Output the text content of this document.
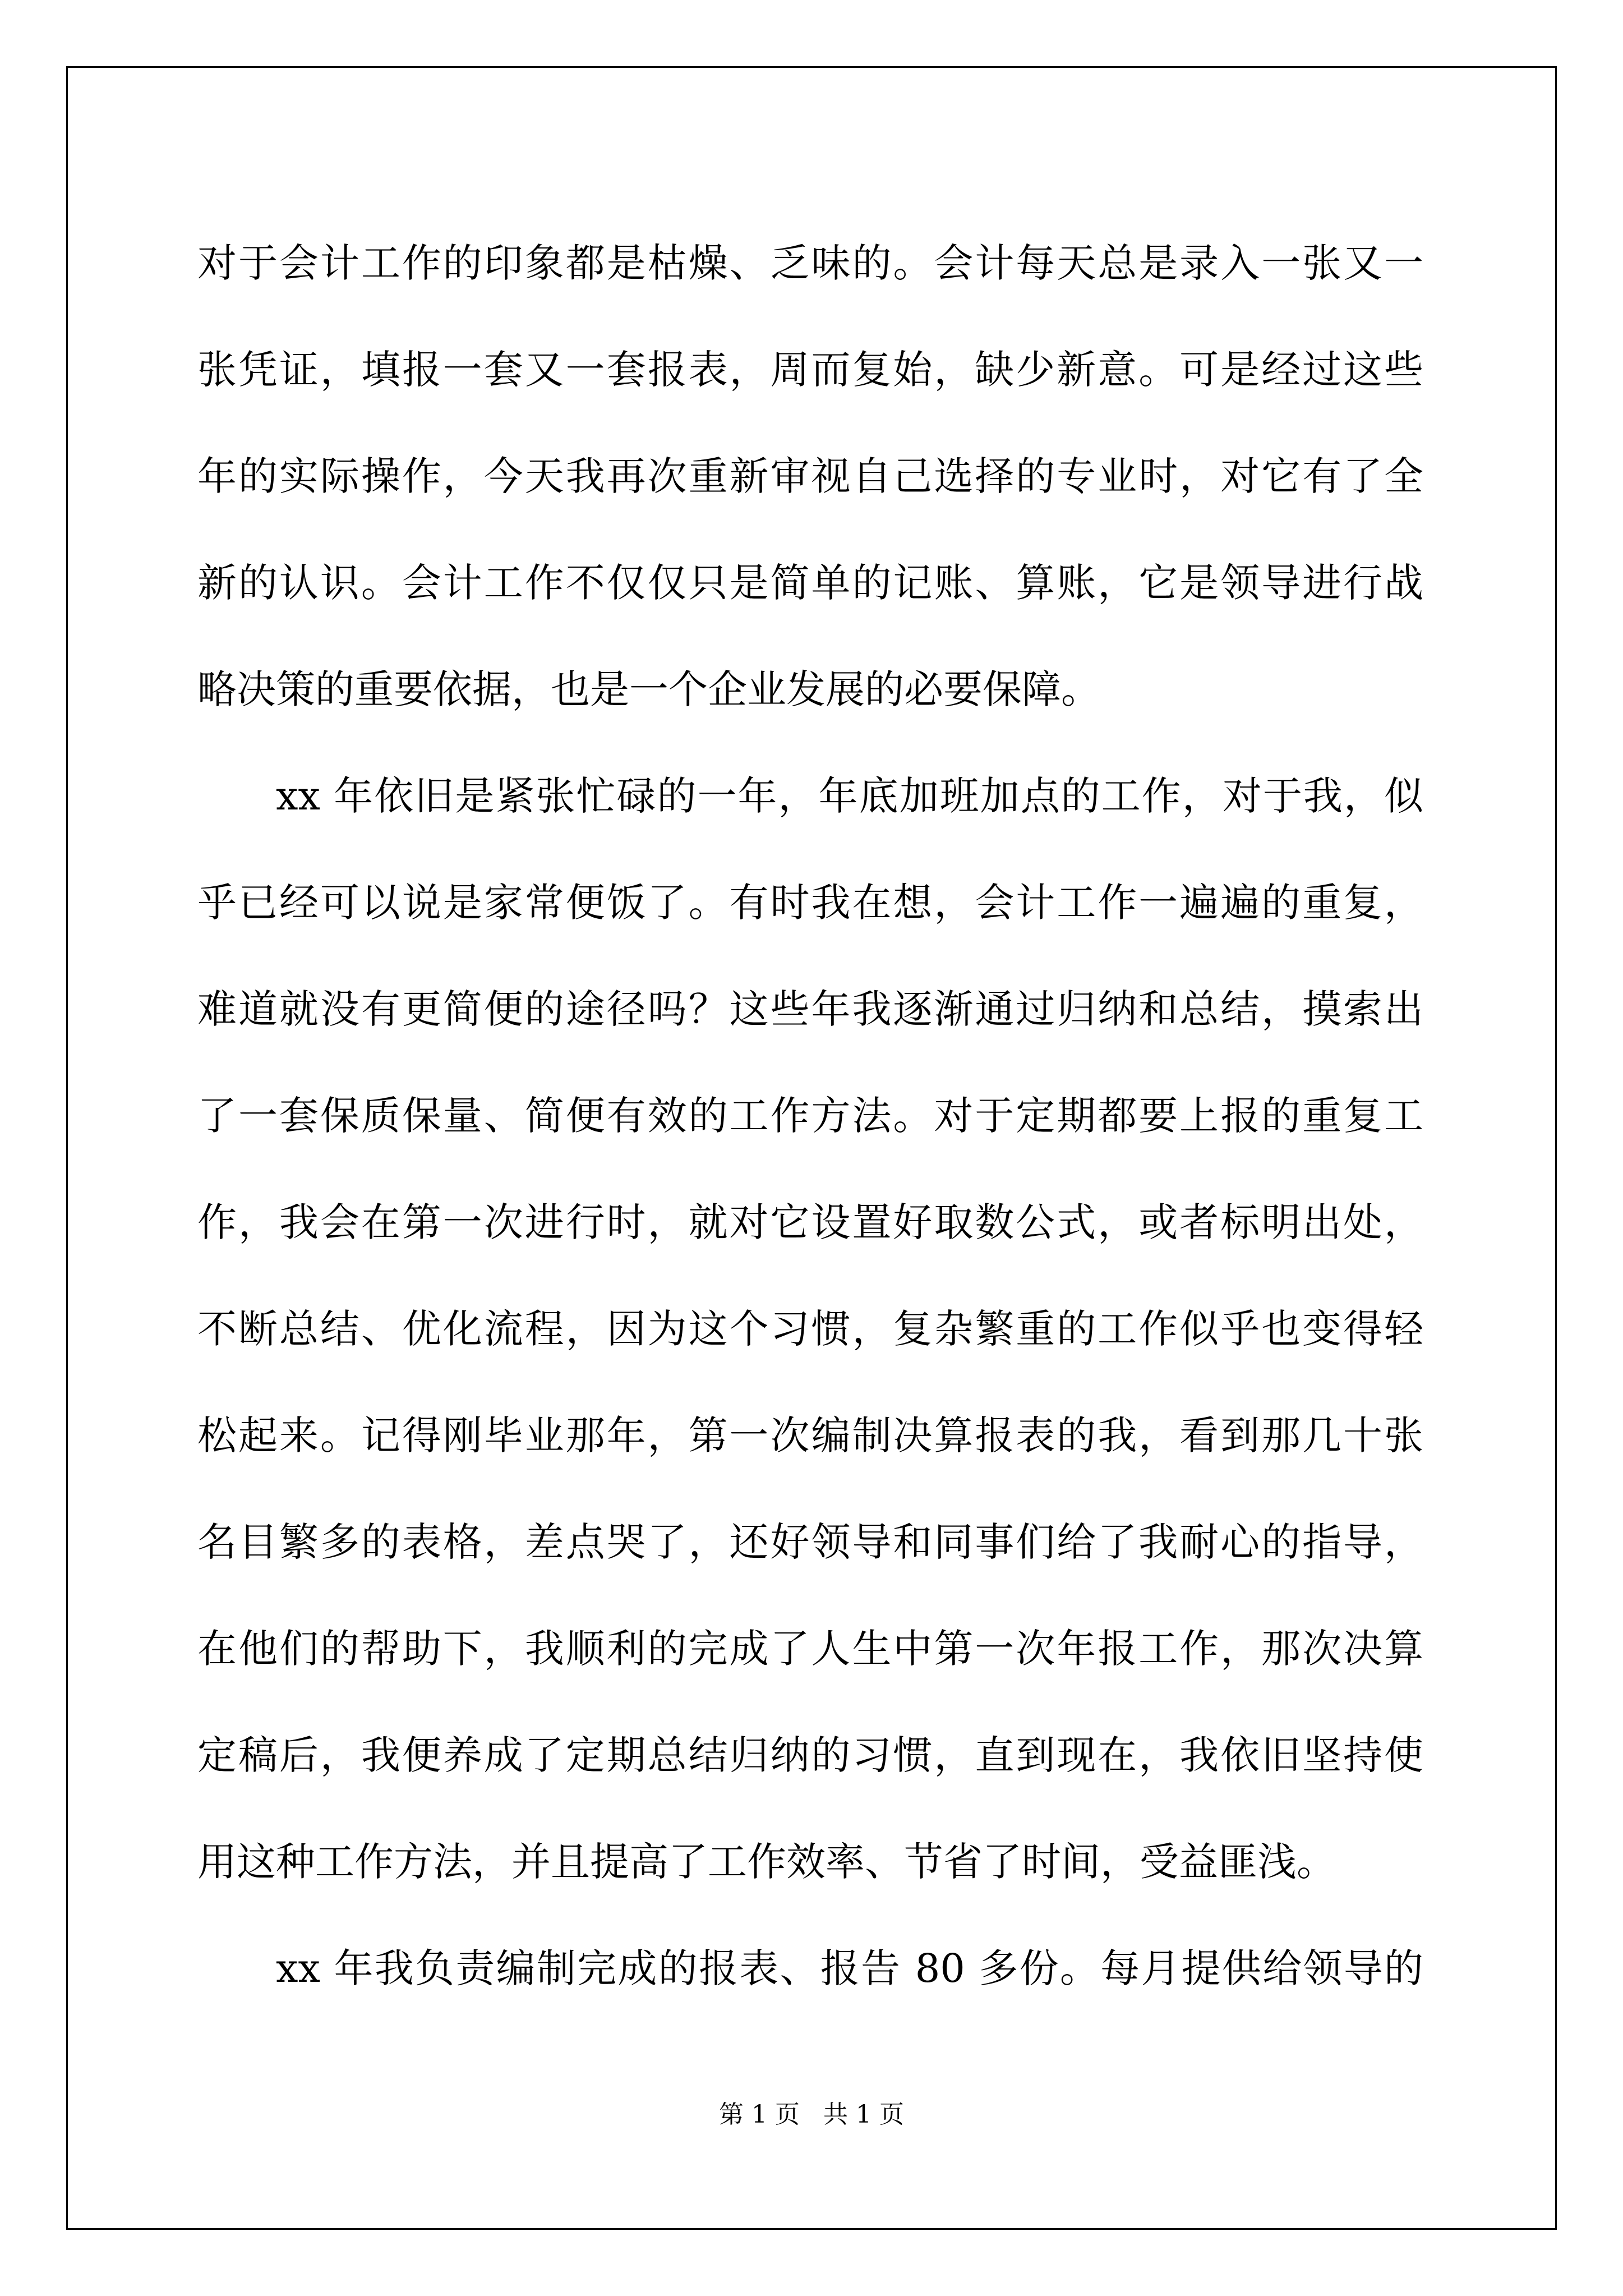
对于会计工作的印象都是枯燥、乏味的。会计每天总是录入一张又一
张凭证，填报一套又一套报表，周而复始，缺少新意。可是经过这些
年的实际操作，今天我再次重新审视自己选择的专业时，对它有了全
新的认识。会计工作不仅仅只是简单的记账、算账，它是领导进行战
略决策的重要依据，也是一个企业发展的必要保障。
xx 年依旧是紧张忙碌的一年，年底加班加点的工作，对于我，似
乎已经可以说是家常便饭了。有时我在想，会计工作一遍遍的重复，
难道就没有更简便的途径吗？这些年我逐渐通过归纳和总结，摸索出
了一套保质保量、简便有效的工作方法。对于定期都要上报的重复工
作，我会在第一次进行时，就对它设置好取数公式，或者标明出处，
不断总结、优化流程，因为这个习惯，复杂繁重的工作似乎也变得轻
松起来。记得刚毕业那年，第一次编制决算报表的我，看到那几十张
名目繁多的表格，差点哭了，还好领导和同事们给了我耐心的指导，
在他们的帮助下，我顺利的完成了人生中第一次年报工作，那次决算
定稿后，我便养成了定期总结归纳的习惯，直到现在，我依旧坚持使
用这种工作方法，并且提高了工作效率、节省了时间，受益匪浅。
xx 年我负责编制完成的报表、报告 80 多份。每月提供给领导的
第 1 页   共 1 页
